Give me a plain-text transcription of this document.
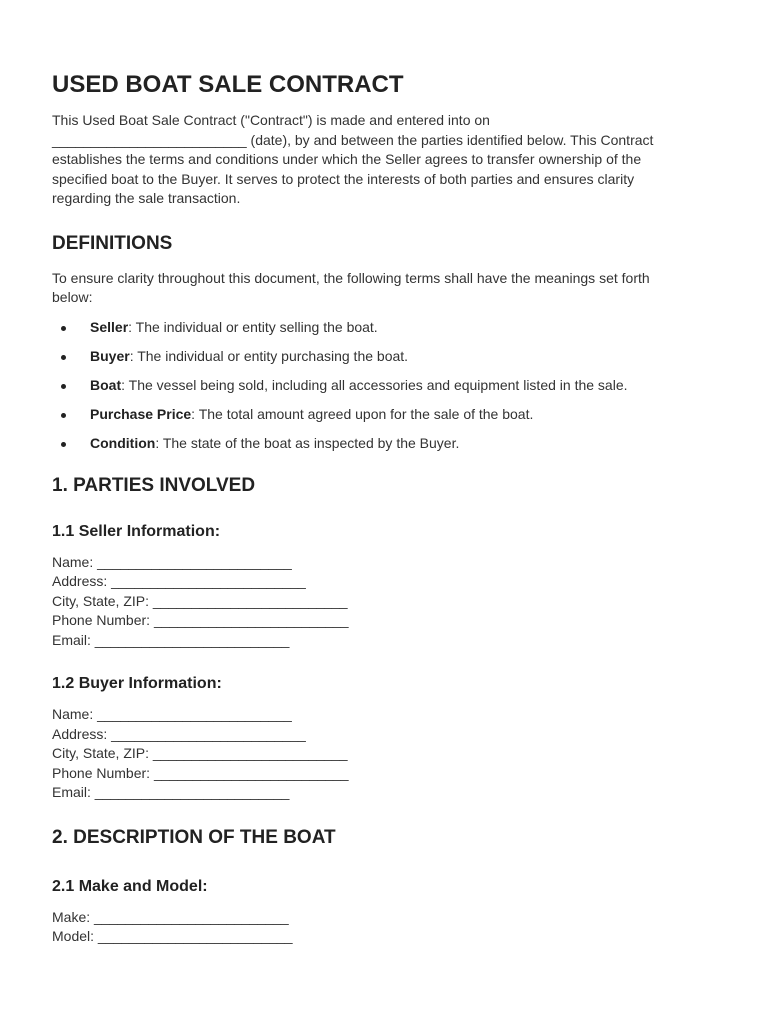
USED BOAT SALE CONTRACT

This Used Boat Sale Contract ("Contract") is made and entered into on

_________________________ (date), by and between the parties identified below. This Contract

establishes the terms and conditions under which the Seller agrees to transfer ownership of the

specified boat to the Buyer. It serves to protect the interests of both parties and ensures clarity

regarding the sale transaction.

DEFINITIONS

To ensure clarity throughout this document, the following terms shall have the meanings set forth

below:

Seller: The individual or entity selling the boat.
Buyer: The individual or entity purchasing the boat.
Boat: The vessel being sold, including all accessories and equipment listed in the sale.
Purchase Price: The total amount agreed upon for the sale of the boat.
Condition: The state of the boat as inspected by the Buyer.
1. PARTIES INVOLVED
1.1 Seller Information:
Name: _________________________
Address: _________________________
City, State, ZIP: _________________________
Phone Number: _________________________
Email: _________________________
1.2 Buyer Information:
Name: _________________________
Address: _________________________
City, State, ZIP: _________________________
Phone Number: _________________________
Email: _________________________
2. DESCRIPTION OF THE BOAT
2.1 Make and Model:
Make: _________________________
Model: _________________________
